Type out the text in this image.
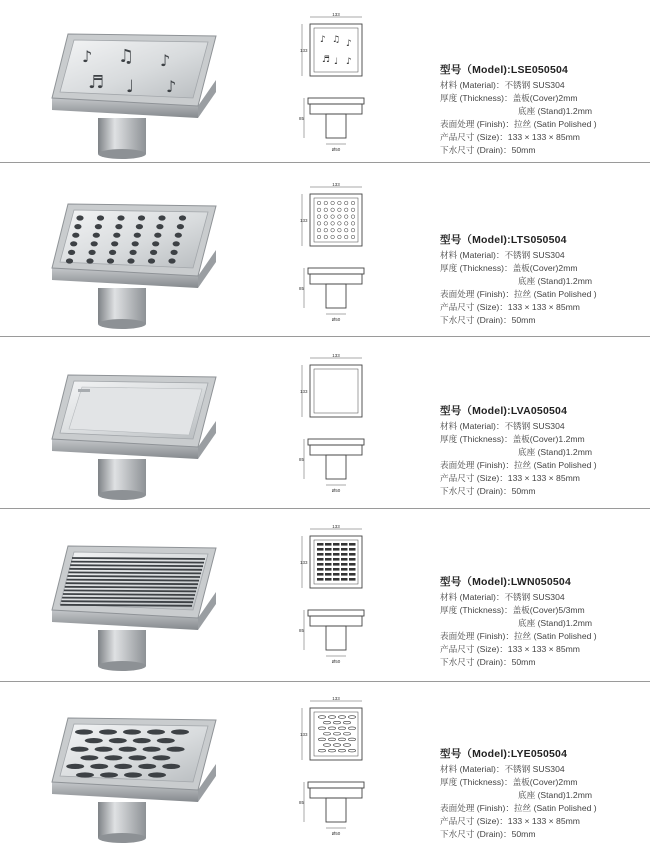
♪ ♫ ♪
♬ ♩ ♪
133
133
♪ ♫ ♪
♬ ♩ ♪
85
Ø50
型号（Model):LSE050504
材料 (Material)：不锈钢 SUS304
厚度 (Thickness)：盖板(Cover)2mm
底座 (Stand)1.2mm
表面处理 (Finish)：拉丝 (Satin Polished )
产品尺寸 (Size)：133 × 133 × 85mm
下水尺寸 (Drain)：50mm
133
133
85
Ø50
型号（Model):LTS050504
材料 (Material)：不锈钢 SUS304
厚度 (Thickness)：盖板(Cover)2mm
底座 (Stand)1.2mm
表面处理 (Finish)：拉丝 (Satin Polished )
产品尺寸 (Size)：133 × 133 × 85mm
下水尺寸 (Drain)：50mm
133
133
85
Ø50
型号（Model):LVA050504
材料 (Material)：不锈钢 SUS304
厚度 (Thickness)：盖板(Cover)1.2mm
底座 (Stand)1.2mm
表面处理 (Finish)：拉丝 (Satin Polished )
产品尺寸 (Size)：133 × 133 × 85mm
下水尺寸 (Drain)：50mm
133
133
85
Ø50
型号（Model):LWN050504
材料 (Material)：不锈钢 SUS304
厚度 (Thickness)：盖板(Cover)5/3mm
底座 (Stand)1.2mm
表面处理 (Finish)：拉丝 (Satin Polished )
产品尺寸 (Size)：133 × 133 × 85mm
下水尺寸 (Drain)：50mm
133
133
85
Ø50
型号（Model):LYE050504
材料 (Material)：不锈钢 SUS304
厚度 (Thickness)：盖板(Cover)2mm
底座 (Stand)1.2mm
表面处理 (Finish)：拉丝 (Satin Polished )
产品尺寸 (Size)：133 × 133 × 85mm
下水尺寸 (Drain)：50mm
